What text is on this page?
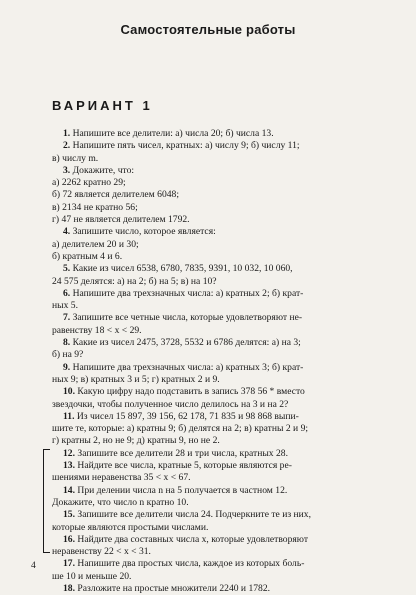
Самостоятельные работы
ВАРИАНТ 1
1. Напишите все делители: а) числа 20; б) числа 13.
2. Напишите пять чисел, кратных: а) числу 9; б) числу 11;
в) числу m.
3. Докажите, что:
а) 2262 кратно 29;
б) 72 является делителем 6048;
в) 2134 не кратно 56;
г) 47 не является делителем 1792.
4. Запишите число, которое является:
а) делителем 20 и 30;
б) кратным 4 и 6.
5. Какие из чисел 6538, 6780, 7835, 9391, 10 032, 10 060,
24 575 делятся: а) на 2; б) на 5; в) на 10?
6. Напишите два трехзначных числа: а) кратных 2; б) крат-
ных 5.
7. Запишите все четные числа, которые удовлетворяют не-
равенству 18 < x < 29.
8. Какие из чисел 2475, 3728, 5532 и 6786 делятся: а) на 3;
б) на 9?
9. Напишите два трехзначных числа: а) кратных 3; б) крат-
ных 9; в) кратных 3 и 5; г) кратных 2 и 9.
10. Какую цифру надо подставить в запись 378 56 * вместо
звездочки, чтобы полученное число делилось на 3 и на 2?
11. Из чисел 15 897, 39 156, 62 178, 71 835 и 98 868 выпи-
шите те, которые: а) кратны 9; б) делятся на 2; в) кратны 2 и 9;
г) кратны 2, но не 9; д) кратны 9, но не 2.
12. Запишите все делители 28 и три числа, кратных 28.
13. Найдите все числа, кратные 5, которые являются ре-
шениями неравенства 35 < x < 67.
14. При делении числа n на 5 получается в частном 12.
Докажите, что число n кратно 10.
15. Запишите все делители числа 24. Подчеркните те из них,
которые являются простыми числами.
16. Найдите два составных числа x, которые удовлетворяют
неравенству 22 < x < 31.
17. Напишите два простых числа, каждое из которых боль-
ше 10 и меньше 20.
18. Разложите на простые множители 2240 и 1782.
4
